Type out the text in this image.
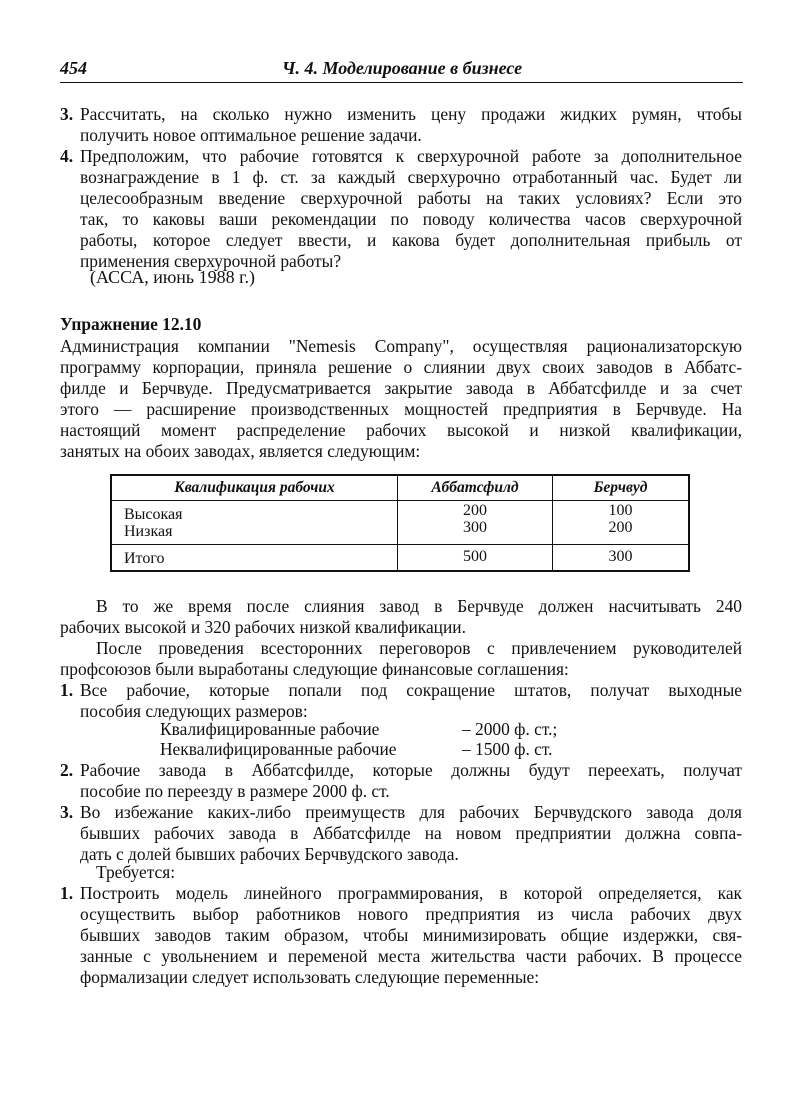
454	Ч. 4. Моделирование в бизнесе
3. Рассчитать, на сколько нужно изменить цену продажи жидких румян, чтобы
получить новое оптимальное решение задачи.
4. Предположим, что рабочие готовятся к сверхурочной работе за дополнительное
вознаграждение в 1 ф. ст. за каждый сверхурочно отработанный час. Будет ли
целесообразным введение сверхурочной работы на таких условиях? Если это
так, то каковы ваши рекомендации по поводу количества часов сверхурочной
работы, которое следует ввести, и какова будет дополнительная прибыль от
применения сверхурочной работы?
(АССА, июнь 1988 г.)
Упражнение 12.10
Администрация компании "Nemesis Company", осуществляя рационализаторскую
программу корпорации, приняла решение о слиянии двух своих заводов в Аббатс-
филде и Берчвуде. Предусматривается закрытие завода в Аббатсфилде и за счет
этого — расширение производственных мощностей предприятия в Берчвуде. На
настоящий момент распределение рабочих высокой и низкой квалификации,
занятых на обоих заводах, является следующим:
Квалификация рабочих	Аббатсфилд	Берчвуд
Высокая	200	100
Низкая	300	200
Итого	500	300
В то же время после слияния завод в Берчвуде должен насчитывать 240
рабочих высокой и 320 рабочих низкой квалификации.
После проведения всесторонних переговоров с привлечением руководителей
профсоюзов были выработаны следующие финансовые соглашения:
1. Все рабочие, которые попали под сокращение штатов, получат выходные
пособия следующих размеров:
Квалифицированные рабочие	– 2000 ф. ст.;
Неквалифицированные рабочие	– 1500 ф. ст.
2. Рабочие завода в Аббатсфилде, которые должны будут переехать, получат
пособие по переезду в размере 2000 ф. ст.
3. Во избежание каких-либо преимуществ для рабочих Берчвудского завода доля
бывших рабочих завода в Аббатсфилде на новом предприятии должна совпа-
дать с долей бывших рабочих Берчвудского завода.
Требуется:
1. Построить модель линейного программирования, в которой определяется, как
осуществить выбор работников нового предприятия из числа рабочих двух
бывших заводов таким образом, чтобы минимизировать общие издержки, свя-
занные с увольнением и переменой места жительства части рабочих. В процессе
формализации следует использовать следующие переменные:
